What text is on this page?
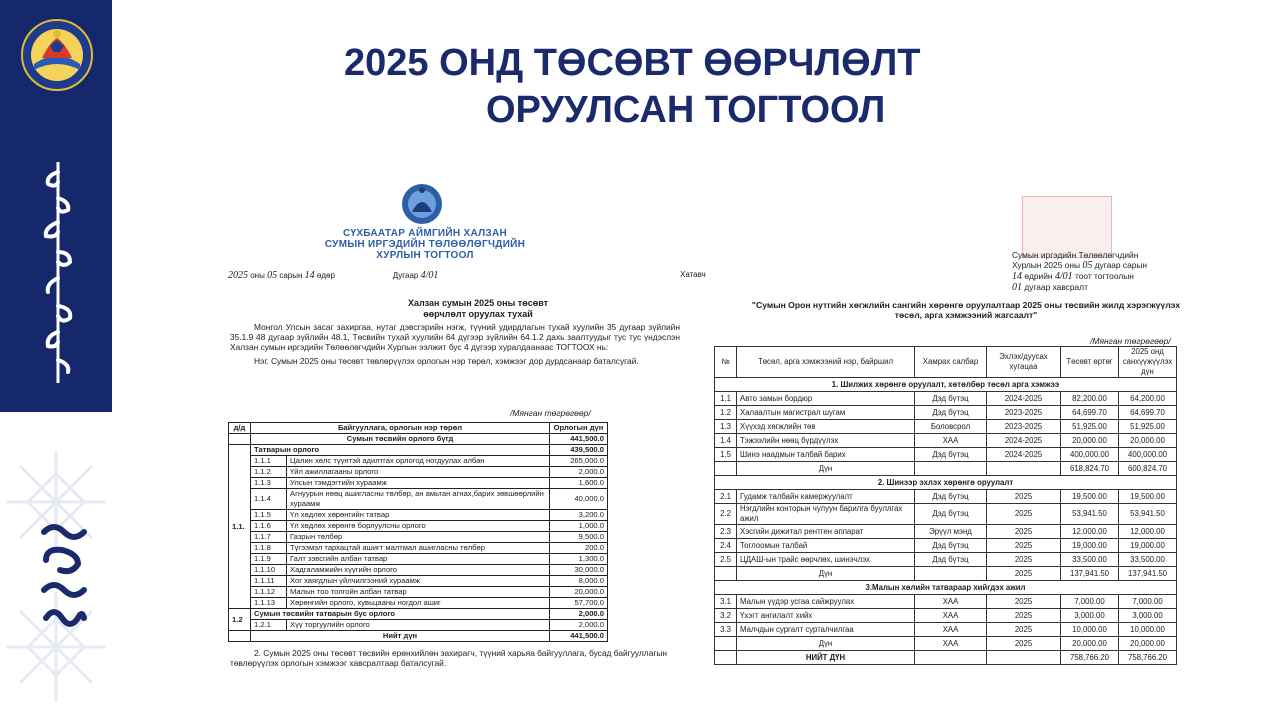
2025 ОНД ТӨСӨВТ ӨӨРЧЛӨЛТ
ОРУУЛСАН ТОГТООЛ
СҮХБААТАР АЙМГИЙН ХАЛЗАН
СУМЫН ИРГЭДИЙН ТӨЛӨӨЛӨГЧДИЙН
ХУРЛЫН ТОГТООЛ
2025 оны 05 сарын 14 өдөр	Дугаар 4/01	Хатавч
Халзан сумын 2025 оны төсөвт
өөрчлөлт оруулах тухай

Монгол Улсын засаг захиргаа, нутаг дэвсгэрийн нэгж, түүний удирдлагын тухай хуулийн 35 дугаар зүйлийн 35.1.9 48 дугаар зүйлийн 48.1, Төсвийн тухай хуулийн 64 дүгээр зүйлийн 64.1.2 дахь заалтуудыг тус тус үндэслэн Халзан сумын иргэдийн Төлөөлөгчдийн Хурлын ээлжит бус 4 дүгээр хуралдаанаас ТОГТООХ нь:

Нэг. Сумын 2025 оны төсөвт төвлөрүүлэх орлогын нэр төрөл, хэмжээг дор дурдсанаар баталсугай.

/Мянган төгрөгөөр/
д/д	Байгууллага, орлогын нэр төрөл		Орлогын дүн
	Сумын төсвийн орлого бүгд		441,500.0
1.1.	Татварын орлого		439,500.0
	1.1.1	Цалин хөлс түүнтэй адилтгах орлогод ногдуулах албан	265,000.0
	1.1.2	Үйл ажиллагааны орлого	2,000.0
	1.1.3	Улсын тэмдэгтийн хураамж	1,600.0
	1.1.4	Агнуурын нөөц ашигласны төлбөр, ан амьтан агнах,барих зөвшөөрлийн хураамж	40,000.0
	1.1.5	Үл хөдлөх хөрөнгийн татвар	3,200.0
	1.1.6	Үл хөдлөх хөрөнгө борлуулсны орлого	1,000.0
	1.1.7	Газрын төлбөр	9,500.0
	1.1.8	Түгээмэл тархацтай ашигт малтмал ашигласны төлбөр	200.0
	1.1.9	Галт зэвсгийн албан татвар	1,300.0
	1.1.10	Хадгаламжийн хүүгийн орлого	30,000.0
	1.1.11	Хог хаягдлын үйлчилгээний хураамж	8,000.0
	1.1.12	Малын тоо толгойн албан татвар	20,000.0
	1.1.13	Хөрөнгийн орлого, хувьцааны ногдол ашиг	57,700.0
1.2	Сумын төсвийн татварын бус орлого		2,000.0
	1.2.1	Хүү торгуулийн орлого	2,000.0
	Нийт дүн		441,500.0
2. Сумын 2025 оны төсөвт төсвийн ерөнхийлөн захирагч, түүний харьяа байгууллага, бусад байгууллагын төвлөрүүлэх орлогын хэмжээг хавсралтаар баталсугай.
Сумын иргэдийн Төлөөлөгчдийн
Хурлын 2025 оны 05 дугаар сарын
14 өдрийн 4/01 тоот тогтоолын
01 дугаар хавсралт
"Сумын Орон нутгийн хөгжлийн сангийн хөрөнгө оруулалтаар 2025 оны төсвийн жилд хэрэгжүүлэх төсөл, арга хэмжээний жагсаалт"
/Мянган төгрөгөөр/
№	Төсөл, арга хэмжээний нэр, байршил	Хамрах салбар	Эхлэх/дуусах хугацаа	Төсөвт өртөг	2025 онд санхүүжүүлэх дүн
1. Шилжих хөрөнгө оруулалт, хөтөлбөр төсөл арга хэмжээ					
1.1	Авто замын бордюр	Дэд бүтэц	2024-2025	82,200.00	64,200.00
1.2	Халаалтын магистрал шугам	Дэд бүтэц	2023-2025	64,699.70	64,699.70
1.3	Хүүхэд хөгжлийн төв	Боловсрол	2023-2025	51,925.00	51,925.00
1.4	Тэжээлийн нөөц бүрдүүлэх	ХАА	2024-2025	20,000.00	20,000.00
1.5	Шинэ наадмын талбай барих	Дэд бүтэц	2024-2025	400,000.00	400,000.00
	Дүн			618,824.70	600,824.70
2. Шинээр эхлэх хөрөнгө оруулалт					
2.1	Гудамж талбайн камержуулалт	Дэд бүтэц	2025	19,500.00	19,500.00
2.2	Нэгдлийн конторын чулуун барилга бууллгах ажил	Дэд бүтэц	2025	53,941.50	53,941.50
2.3	Хэсгийн дижитал рентген аппарат	Эрүүл мэнд	2025	12,000.00	12,000.00
2.4	Тоглоомын талбай	Дэд бүтэц	2025	19,000.00	19,000.00
2.5	ЦДАШ-ын трайс өөрчлөх, шинэчлэх	Дэд бүтэц	2025	33,500.00	33,500.00
	Дүн		2025	137,941.50	137,941.50
3.Малын хөлийн татвараар хийгдэх ажил					
3.1	Малын үүдэр усгаа сайжруулах	ХАА	2025	7,000.00	7,000.00
3.2	Үхэгт ангилалт хийх	ХАА	2025	3,000.00	3,000.00
3.3	Малчдын сургалт сурталчилгаа	ХАА	2025	10,000.00	10,000.00
	Дүн	ХАА	2025	20,000.00	20,000.00
	НИЙТ ДҮН			758,766.20	758,766.20
